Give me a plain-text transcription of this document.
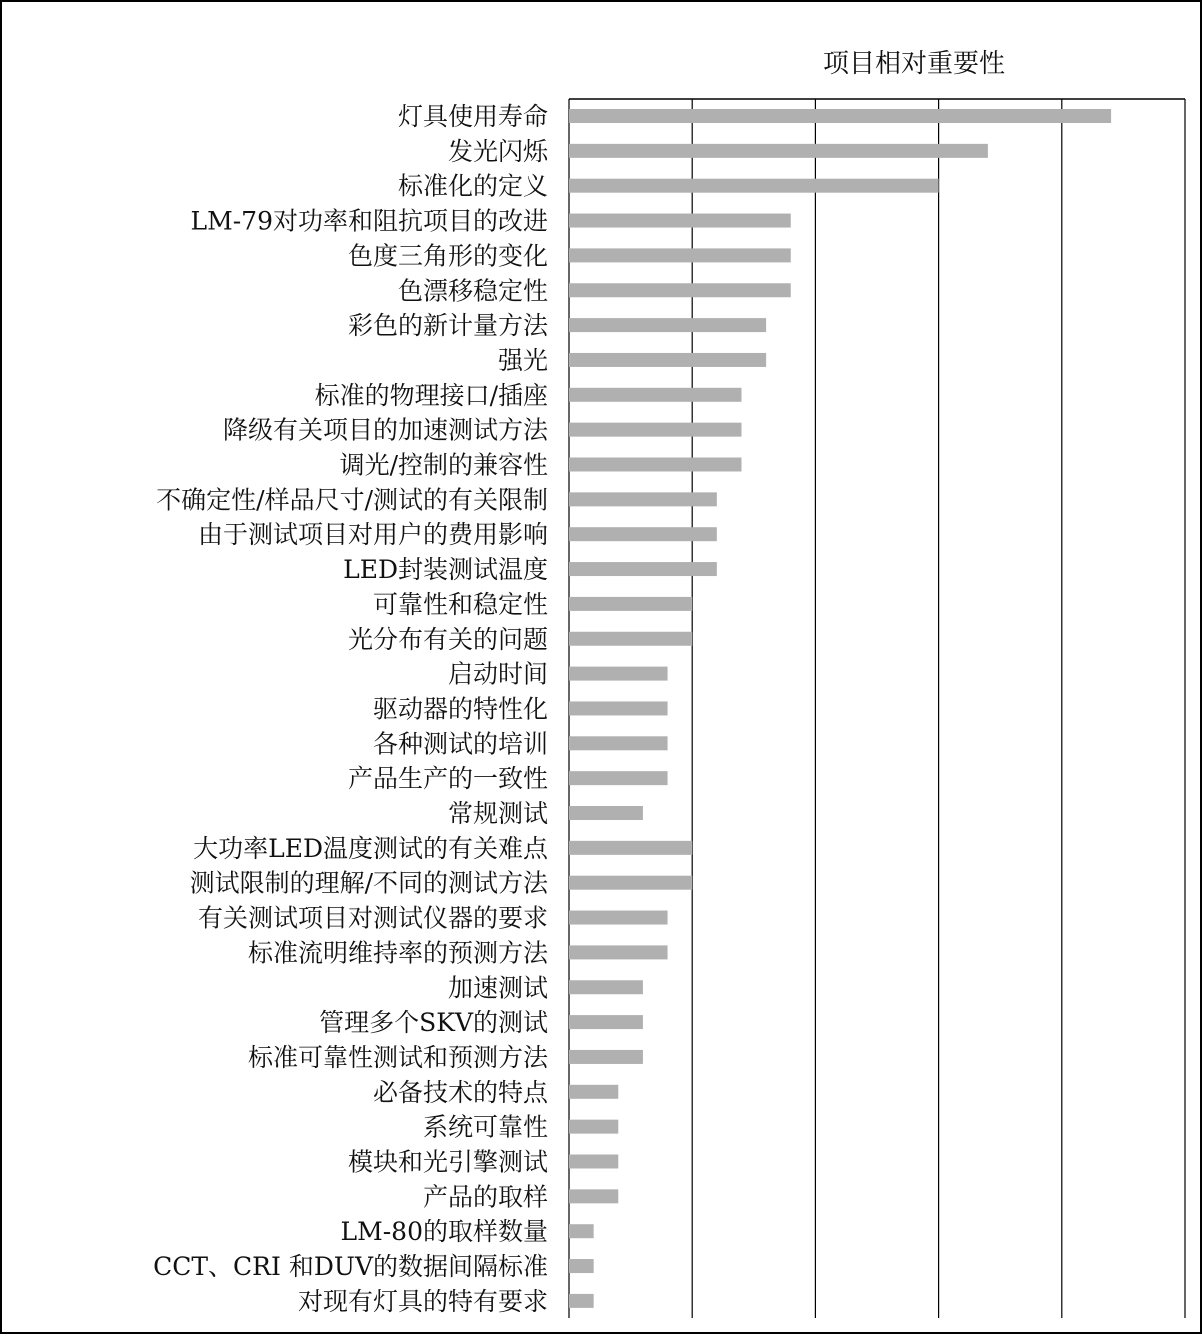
项目相对重要性
灯具使用寿命
发光闪烁
标准化的定义
LM-79对功率和阻抗项目的改进
色度三角形的变化
色漂移稳定性
彩色的新计量方法
强光
标准的物理接口/插座
降级有关项目的加速测试方法
调光/控制的兼容性
不确定性/样品尺寸/测试的有关限制
由于测试项目对用户的费用影响
LED封装测试温度
可靠性和稳定性
光分布有关的问题
启动时间
驱动器的特性化
各种测试的培训
产品生产的一致性
常规测试
大功率LED温度测试的有关难点
测试限制的理解/不同的测试方法
有关测试项目对测试仪器的要求
标准流明维持率的预测方法
加速测试
管理多个SKV的测试
标准可靠性测试和预测方法
必备技术的特点
系统可靠性
模块和光引擎测试
产品的取样
LM-80的取样数量
CCT、CRI 和DUV的数据间隔标准
对现有灯具的特有要求
